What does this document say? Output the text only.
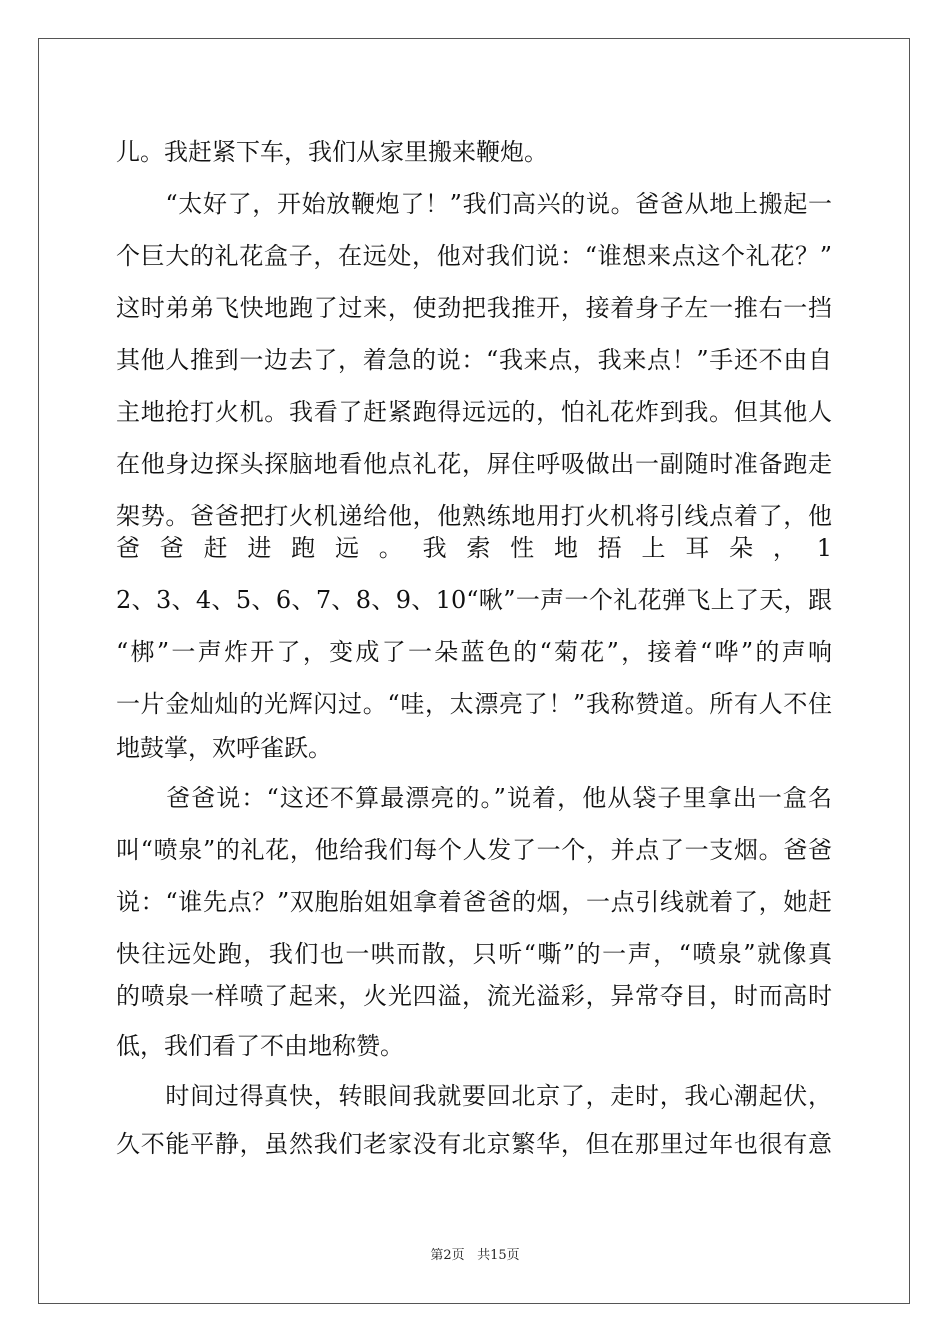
儿。我赶紧下车，我们从家里搬来鞭炮。
　　“太好了，开始放鞭炮了！”我们高兴的说。爸爸从地上搬起一
个巨大的礼花盒子，在远处，他对我们说：“谁想来点这个礼花？”
这时弟弟飞快地跑了过来，使劲把我推开，接着身子左一推右一挡
其他人推到一边去了，着急的说：“我来点，我来点！”手还不由自
主地抢打火机。我看了赶紧跑得远远的，怕礼花炸到我。但其他人
在他身边探头探脑地看他点礼花，屏住呼吸做出一副随时准备跑走
架势。爸爸把打火机递给他，他熟练地用打火机将引线点着了，他
爸 爸 赶 进 跑 远 。 我 索 性 地 捂 上 耳 朵 ， 1
2、3、4、5、6、7、8、9、10“啾”一声一个礼花弹飞上了天，跟
“梆”一声炸开了，变成了一朵蓝色的“菊花”，接着“哗”的声响
一片金灿灿的光辉闪过。“哇，太漂亮了！”我称赞道。所有人不住
地鼓掌，欢呼雀跃。
　　爸爸说：“这还不算最漂亮的。”说着，他从袋子里拿出一盒名
叫“喷泉”的礼花，他给我们每个人发了一个，并点了一支烟。爸爸
说：“谁先点？”双胞胎姐姐拿着爸爸的烟，一点引线就着了，她赶
快往远处跑，我们也一哄而散，只听“嘶”的一声，“喷泉”就像真
的喷泉一样喷了起来，火光四溢，流光溢彩，异常夺目，时而高时
低，我们看了不由地称赞。
　　时间过得真快，转眼间我就要回北京了，走时，我心潮起伏，
久不能平静，虽然我们老家没有北京繁华，但在那里过年也很有意
第2页 共15页
